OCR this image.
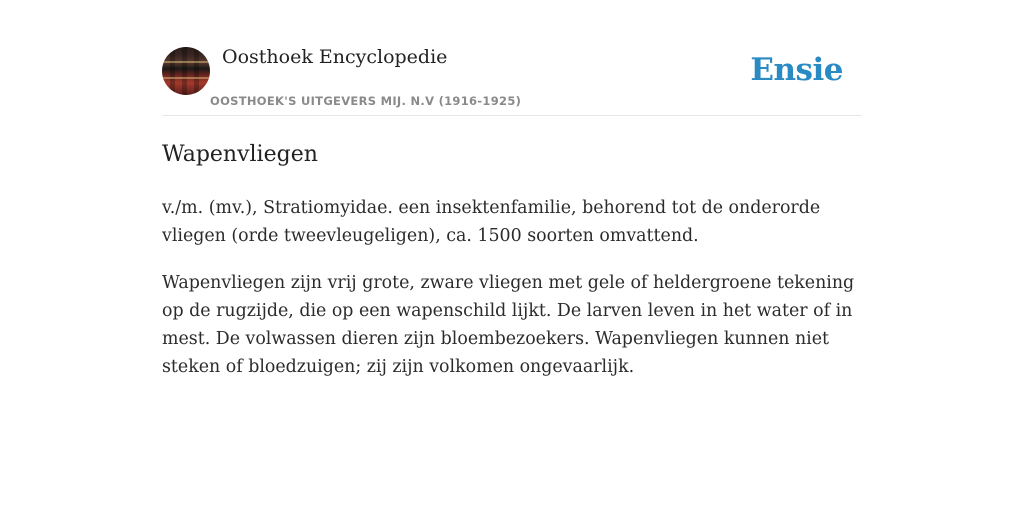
Oosthoek Encyclopedie
OOSTHOEK'S UITGEVERS MIJ. N.V (1916-1925)
Ensie
Wapenvliegen

v./m. (mv.), Stratiomyidae. een insektenfamilie, behorend tot de onderorde vliegen (orde tweevleugeligen), ca. 1500 soorten omvattend.

Wapenvliegen zijn vrij grote, zware vliegen met gele of heldergroene tekening op de rugzijde, die op een wapenschild lijkt. De larven leven in het water of in mest. De volwassen dieren zijn bloembezoekers. Wapenvliegen kunnen niet steken of bloedzuigen; zij zijn volkomen ongevaarlijk.
